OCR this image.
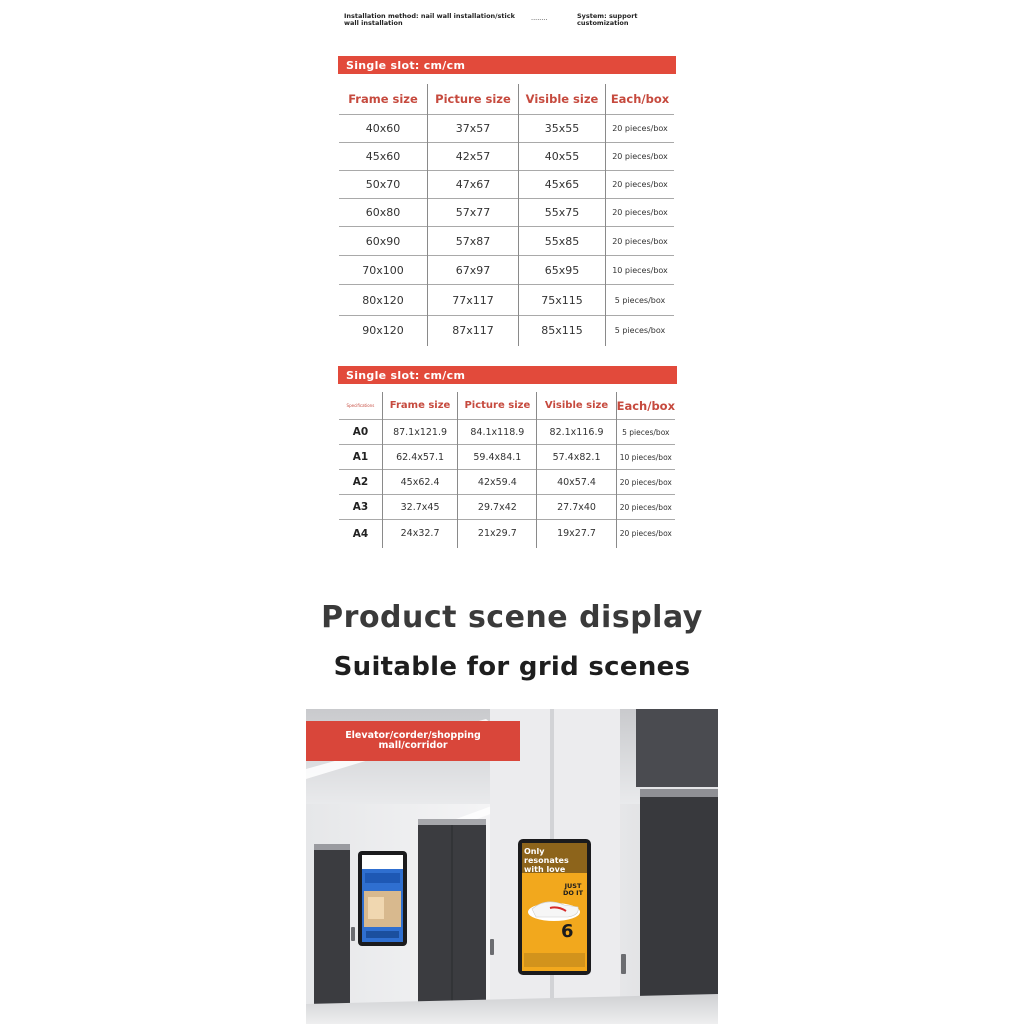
Installation method: nail wall installation/stick wall installation	••••••••	System: support customization
Single slot: cm/cm
Frame size	Picture size	Visible size	Each/box
40x60	37x57	35x55	20 pieces/box
45x60	42x57	40x55	20 pieces/box
50x70	47x67	45x65	20 pieces/box
60x80	57x77	55x75	20 pieces/box
60x90	57x87	55x85	20 pieces/box
70x100	67x97	65x95	10 pieces/box
80x120	77x117	75x115	5 pieces/box
90x120	87x117	85x115	5 pieces/box
Single slot: cm/cm
Specifications	Frame size	Picture size	Visible size	Each/box
A0	87.1x121.9	84.1x118.9	82.1x116.9	5 pieces/box
A1	62.4x57.1	59.4x84.1	57.4x82.1	10 pieces/box
A2	45x62.4	42x59.4	40x57.4	20 pieces/box
A3	32.7x45	29.7x42	27.7x40	20 pieces/box
A4	24x32.7	21x29.7	19x27.7	20 pieces/box
Product scene display
Suitable for grid scenes
Only resonates with love
JUST DO IT
6
Elevator/corder/shopping mall/corridor
